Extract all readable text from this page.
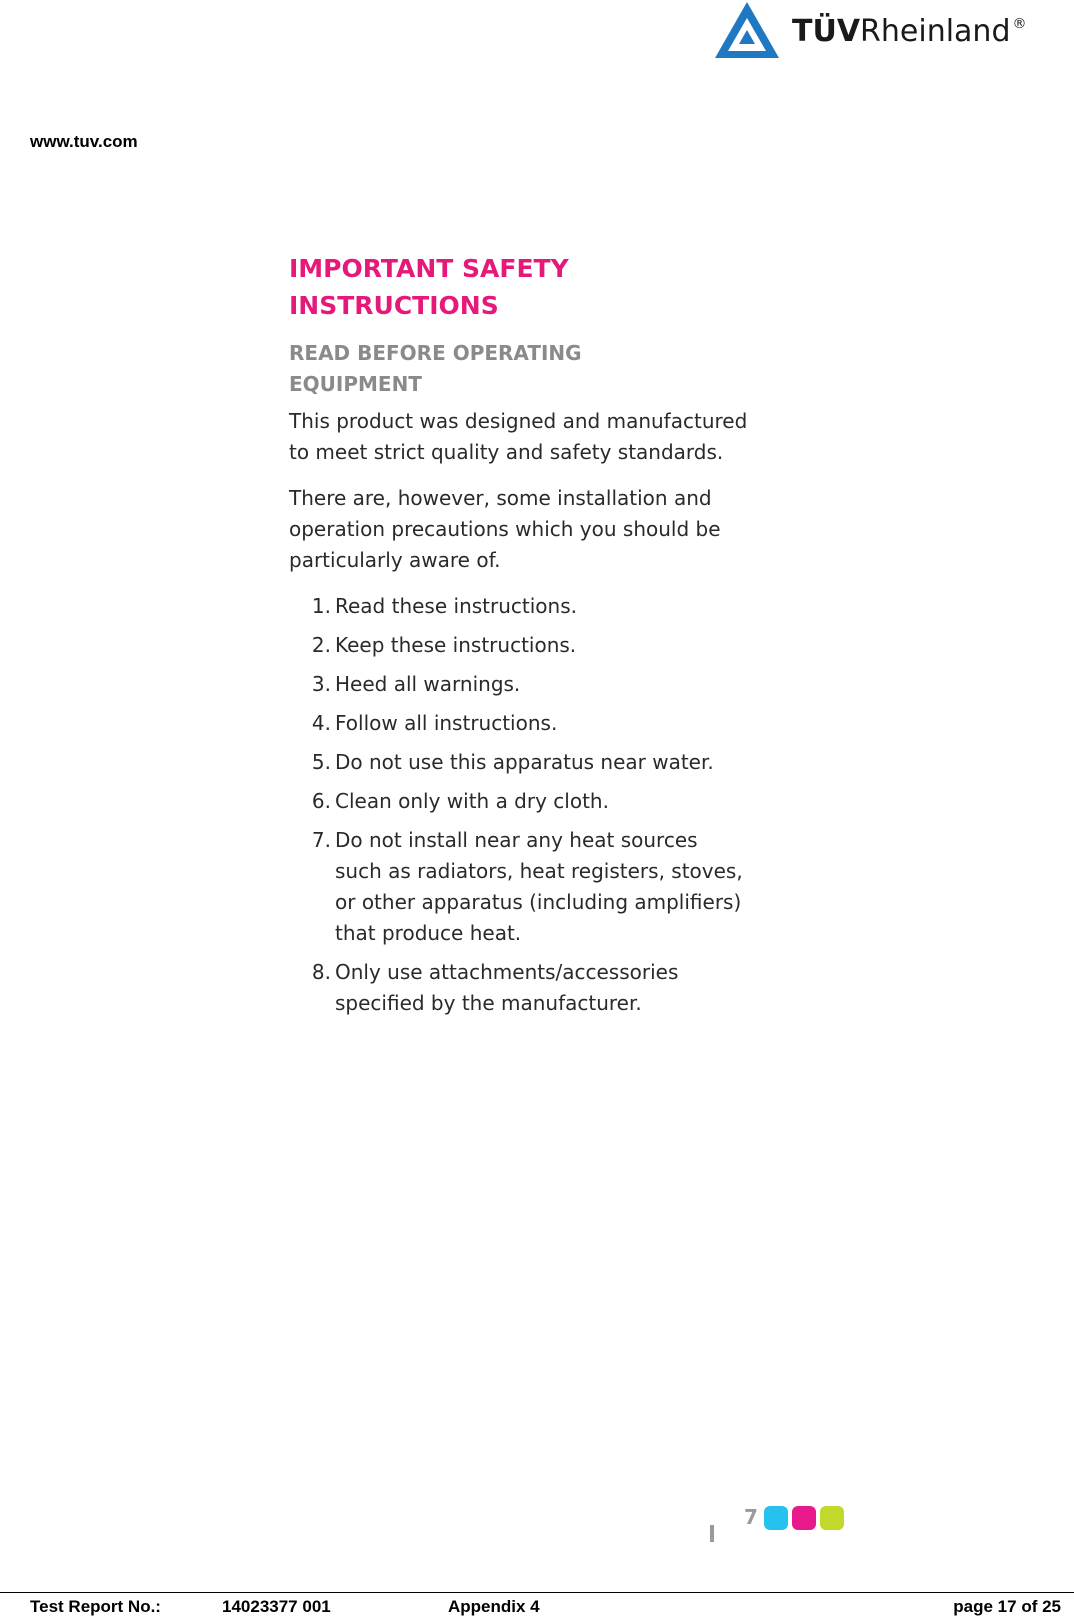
TÜVRheinland ®
www.tuv.com
IMPORTANT SAFETY
INSTRUCTIONS
READ BEFORE OPERATING
EQUIPMENT

This product was designed and manufactured to meet strict quality and safety standards.

There are, however, some installation and operation precautions which you should be particularly aware of.

1. Read these instructions.
2. Keep these instructions.
3. Heed all warnings.
4. Follow all instructions.
5. Do not use this apparatus near water.
6. Clean only with a dry cloth.
7. Do not install near any heat sources such as radiators, heat registers, stoves, or other apparatus (including amplifiers) that produce heat.
8. Only use attachments/accessories specified by the manufacturer.
7
Test Report No.:	14023377 001	Appendix 4	page 17 of 25
